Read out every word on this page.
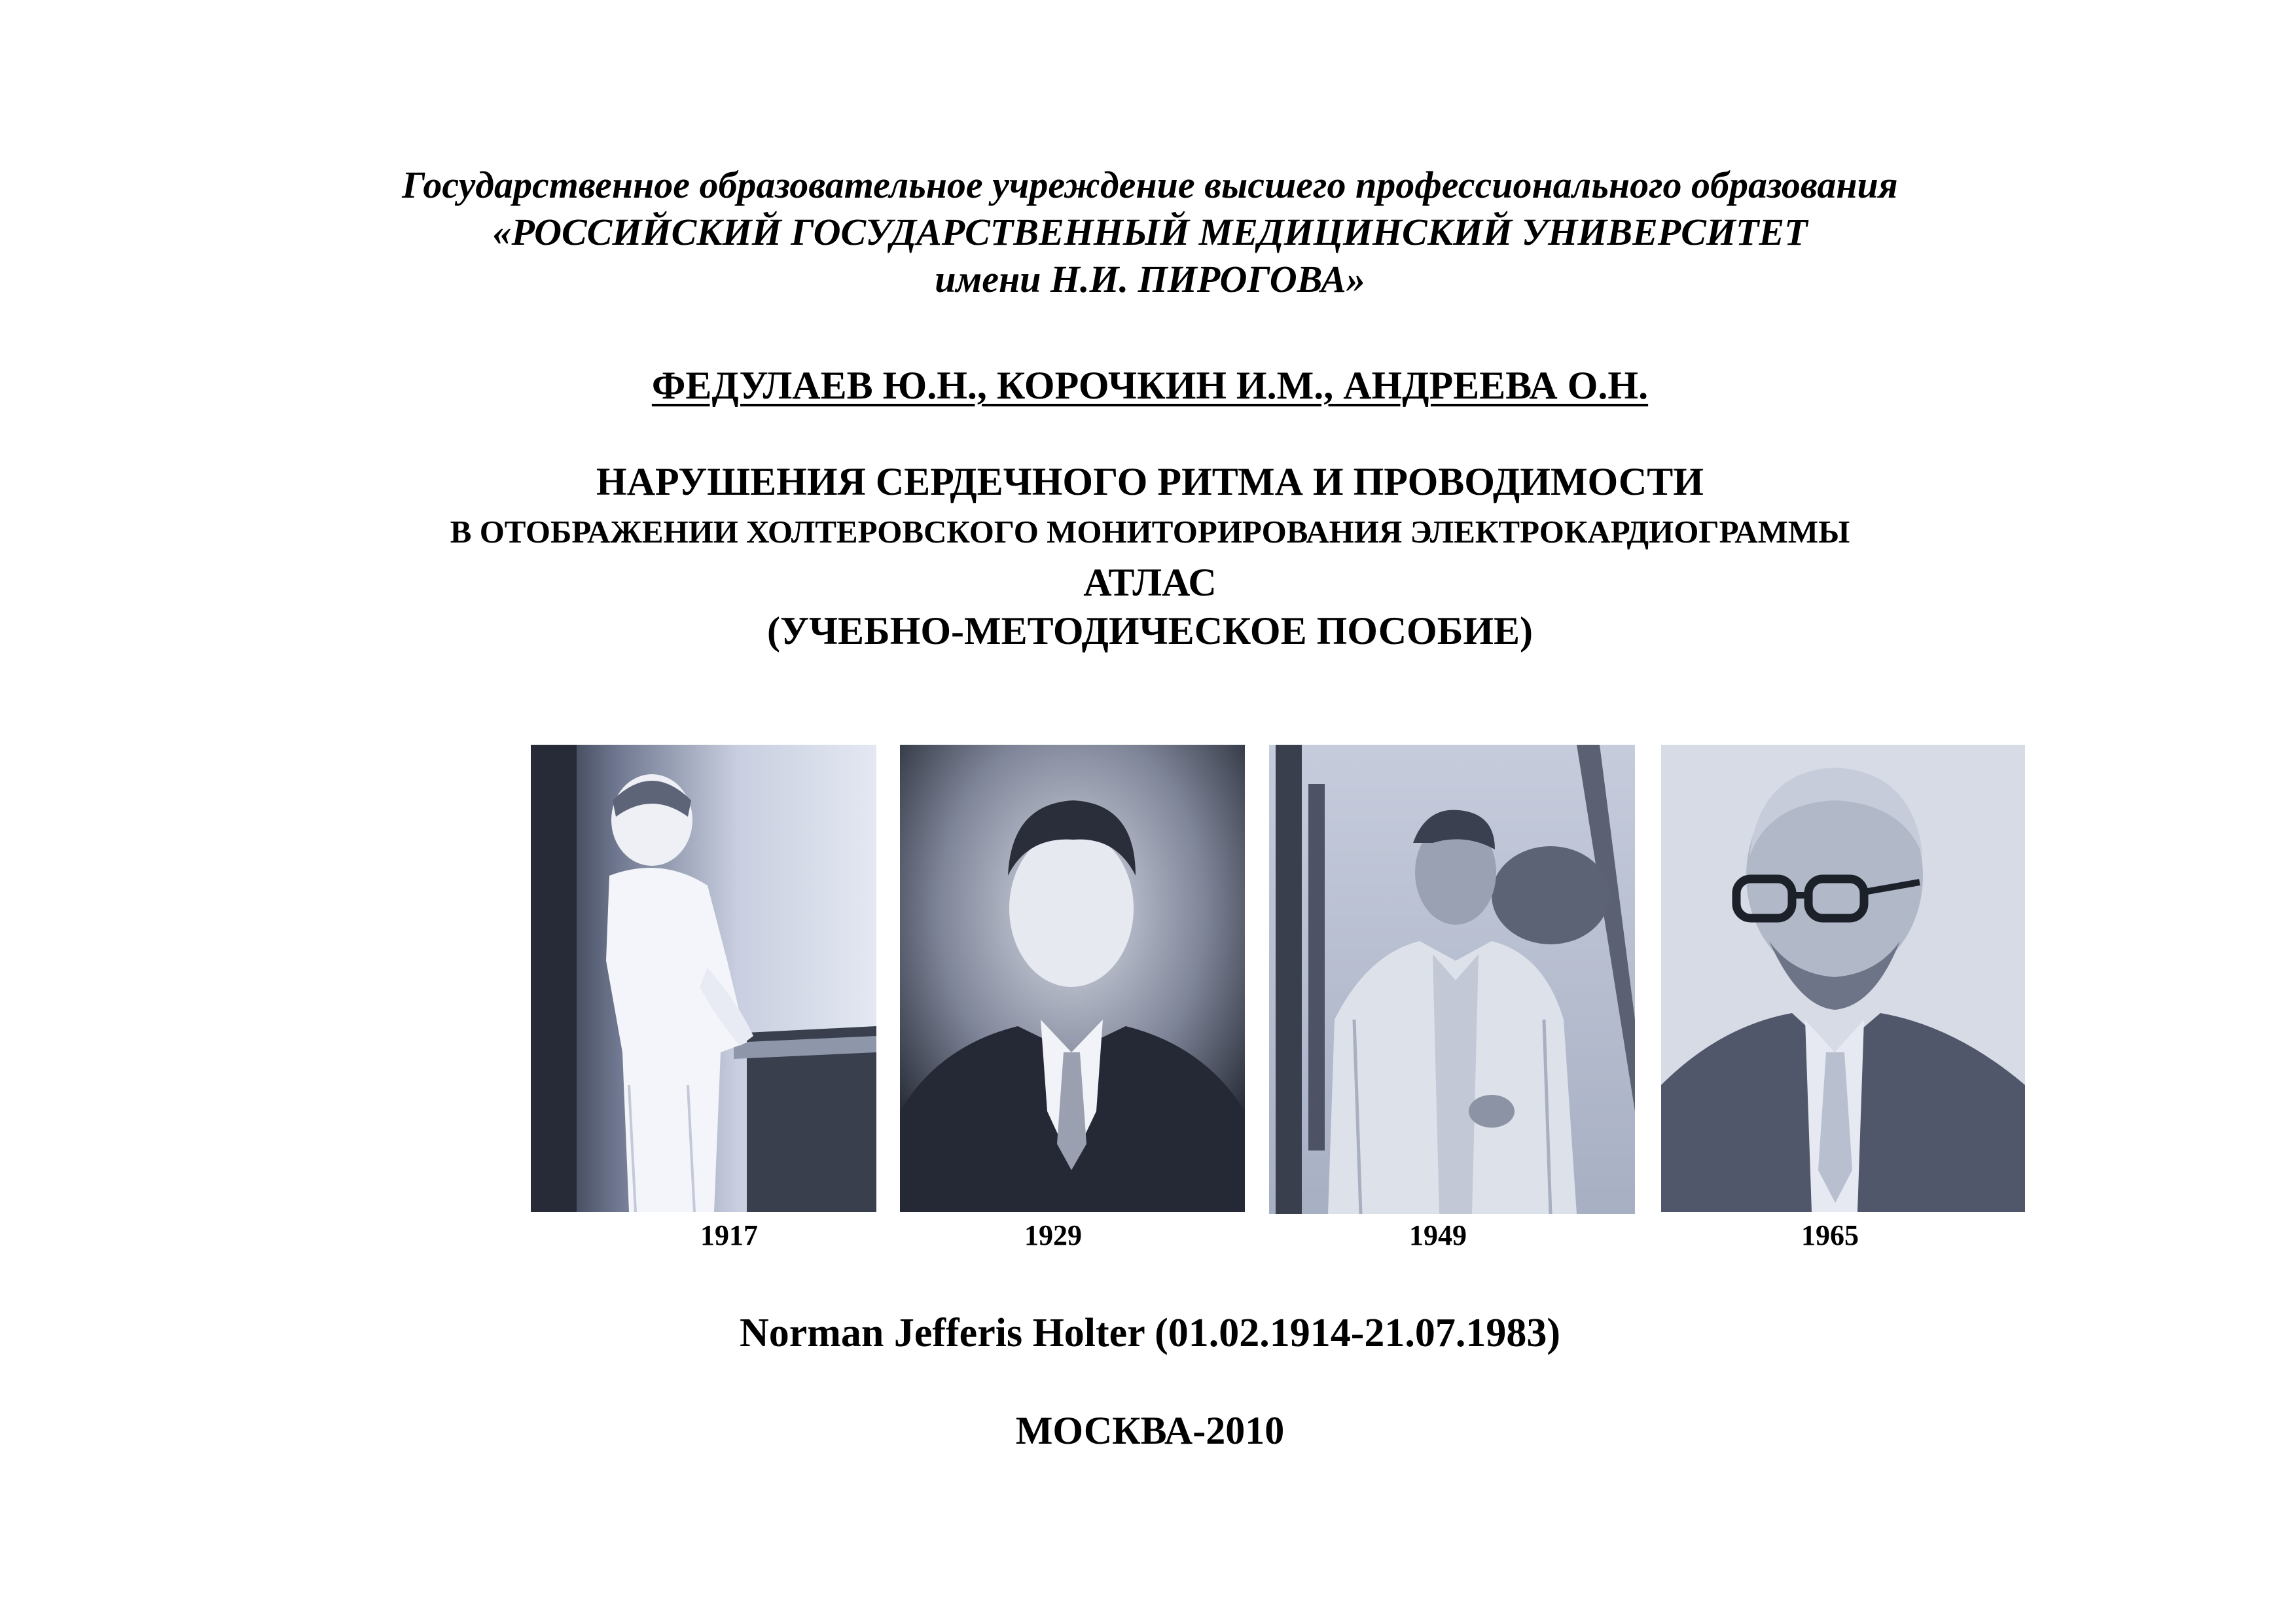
Государственное образовательное учреждение высшего профессионального образования
«РОССИЙСКИЙ ГОСУДАРСТВЕННЫЙ МЕДИЦИНСКИЙ УНИВЕРСИТЕТ
имени Н.И. ПИРОГОВА»
ФЕДУЛАЕВ Ю.Н., КОРОЧКИН И.М., АНДРЕЕВА О.Н.
НАРУШЕНИЯ СЕРДЕЧНОГО РИТМА И ПРОВОДИМОСТИ
В ОТОБРАЖЕНИИ ХОЛТЕРОВСКОГО МОНИТОРИРОВАНИЯ ЭЛЕКТРОКАРДИОГРАММЫ
АТЛАС
(УЧЕБНО-МЕТОДИЧЕСКОЕ ПОСОБИЕ)
1917	1929	1949	1965
Norman Jefferis Holter (01.02.1914-21.07.1983)
МОСКВА-2010
